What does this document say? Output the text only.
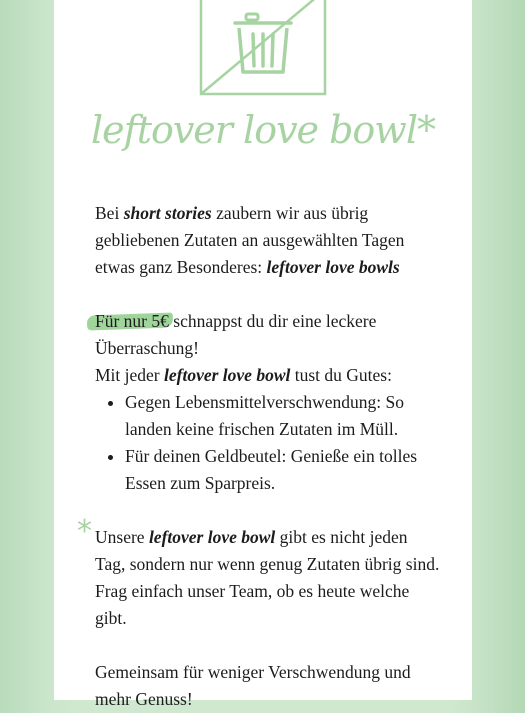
leftover love bowl*

Bei short stories zaubern wir aus übrig gebliebenen Zutaten an ausgewählten Tagen etwas ganz Besonderes: leftover love bowls

Für nur 5€ schnappst du dir eine leckere Überraschung!

Mit jeder leftover love bowl tust du Gutes:

• Gegen Lebensmittelverschwendung: So landen keine frischen Zutaten im Müll.
• Für deinen Geldbeutel: Genieße ein tolles Essen zum Sparpreis.

* Unsere leftover love bowl gibt es nicht jeden Tag, sondern nur wenn genug Zutaten übrig sind. Frag einfach unser Team, ob es heute welche gibt.

Gemeinsam für weniger Verschwendung und mehr Genuss!
